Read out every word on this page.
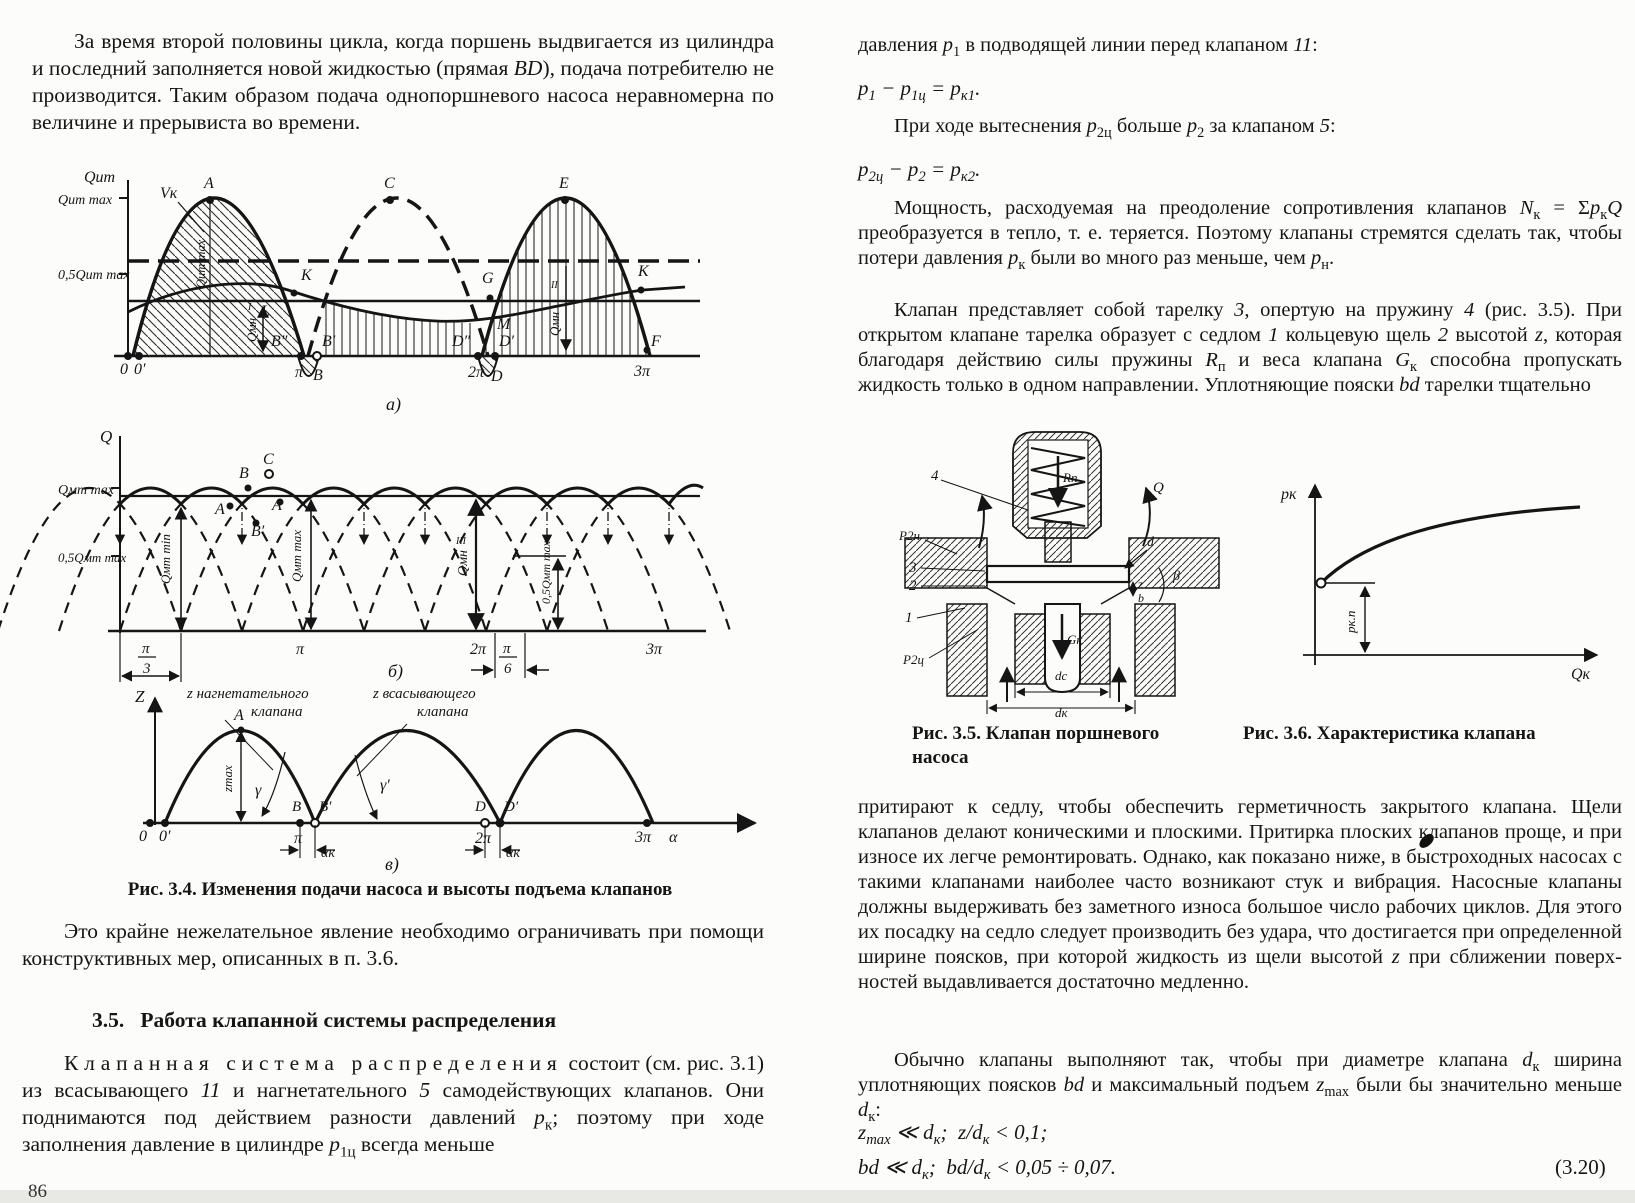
За время второй половины цикла, когда поршень выдвигается из цилиндра и последний заполняется новой жидкостью (прямая BD), подача потребителю не производится. Таким образом подача однопоршневого насоса неравномерна по величине и прерывиста во времени.

Qит
Qит max
0,5Qит max
Vк
A	C	E
K
L
G
M
K
F
B″ B′	D″ D′
0 0′	π B	2π D	3π
Qит max
Qмн
I
Qмн
II
а)
Q
Qмт max
0,5Qмт max
B
C
A	A
B′
Qмт min	Qмт max	Qмн
III	0,5Qмт max
π
3
π	2π π
6
3π
б)
Z	z нагнетательного
клапана
z всасывающего
клапана
A
zmax γ	γ′
B B′	D D′
0 0′	π	2π	3π α
αк	αк
в)

Рис. 3.4. Изменения подачи насоса и высоты подъема клапанов

Это крайне нежелательное явление необходимо ограничивать при помощи конструктивных мер, описанных в п. 3.6.

3.5. Работа клапанной системы распределения

К л а п а н н а я   с и с т е м а   р а с п р е д е л е н и я  состоит (см. рис. 3.1) из всасывающего 11 и нагнетательного 5 самодействующих клапанов. Они поднимаются под действием разности давлений $p_к$; поэтому при ходе заполнения давление в цилиндре $p_{1ц}$ всегда меньше

86

давления $p_1$ в подводящей линии перед клапаном 11:

$p_1 - p_{1ц} = p_{к1}$.

При ходе вытеснения $p_{2ц}$ больше $p_2$ за клапаном 5:

$p_{2ц} - p_2 = p_{к2}$.

Мощность, расходуемая на преодоление сопротивления клапанов $N_к = \Sigma p_кQ$ преобразуется в тепло, т. е. теряется. Поэтому клапаны стремятся сделать так, чтобы потери давления $p_к$ были во много раз меньше, чем $p_н$.

Клапан представляет собой тарелку 3, опертую на пружину 4 (рис. 3.5). При открытом клапане тарелка образует с седлом 1 кольцевую щель 2 высотой z, которая благодаря действию силы пружины $R_п$ и веса клапана $G_к$ способна пропускать жидкость только в одном направлении. Уплотняющие пояски bd тарелки тщательно

4
Р2н
3
2
1
Р2ц
Q
Rп
Gк
d
β
z
b
dc
dк
pк
Qк
pк.п

Рис. 3.5. Клапан поршневого насоса

Рис. 3.6. Характеристика клапана

притирают к седлу, чтобы обеспечить герметичность закрытого клапана. Щели клапанов делают коническими и плоскими. Притирка плоских клапанов проще, и при износе их легче ремонтировать. Однако, как показано ниже, в быстроходных насосах с такими клапанами наиболее часто возникают стук и вибрация. Насосные клапаны должны выдерживать без заметного износа большое число рабочих циклов. Для этого их посадку на седло следует производить без удара, что достигается при определенной ширине поясков, при которой жидкость из щели высотой z при сближении поверхностей выдавливается достаточно медленно.

Обычно клапаны выполняют так, чтобы при диаметре клапана $d_к$ ширина уплотняющих поясков bd и максимальный подъем $z_{max}$ были бы значительно меньше $d_к$:

$z_{max}$ ≪ $d_к$;  $z/d_к < 0,1$;

bd ≪ $d_к$;  $bd/d_к < 0,05 \div 0,07$.	(3.20)
